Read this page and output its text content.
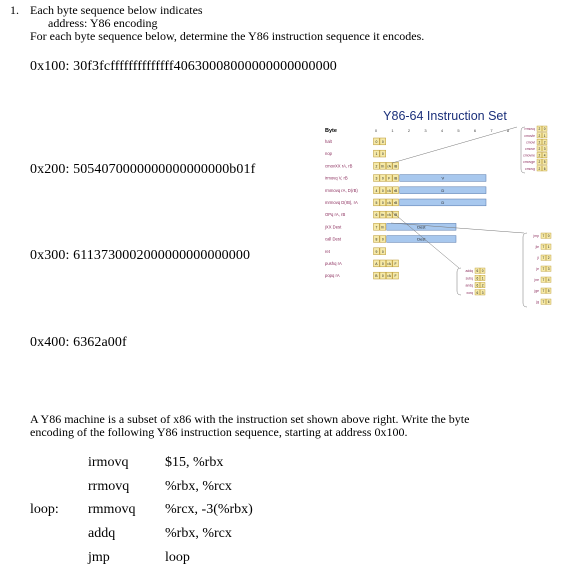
1. Each byte sequence below indicates
address: Y86 encoding
For each byte sequence below, determine the Y86 instruction sequence it encodes.
0x100: 30f3fcffffffffffffff40630008000000000000000
0x200: 5054070000000000000000b01f
0x300: 6113730002000000000000000
0x400: 6362a00f
Y86-64 Instruction Set
Byte	0	1	2	3	4	5	6	7	8
halt	0 0
nop	1 0
cmovXX rA, rB	2 fn rA rB
irmovq V, rB	3 0 F rB	V
rmmovq rA, D(rB)	4 0 rA rB	D
mrmovq D(rB), rA	5 0 rA rB	D
OPq rA, rB	6 fn rA rB
jXX Dest	7 fn	Dest
call Dest	8 0	Dest
ret	9 0
pushq rA	A 0 rA F
popq rA	B 0 rA F
rrmovq 2 0
cmovle 2 1
cmovl 2 2
cmove 2 3
cmovne 2 4
cmovge 2 5
cmovg 2 6
addq 6 0
subq 6 1
andq 6 2
xorq 6 3
jmp 7 0
jle 7 1
jl 7 2
je 7 3
jne 7 4
jge 7 5
jg 7 6
A Y86 machine is a subset of x86 with the instruction set shown above right. Write the byte
encoding of the following Y86 instruction sequence, starting at address 0x100.
irmovq	$15, %rbx
rrmovq	%rbx, %rcx
loop: rmmovq %rcx, -3(%rbx)
addq	%rbx, %rcx
jmp	loop
